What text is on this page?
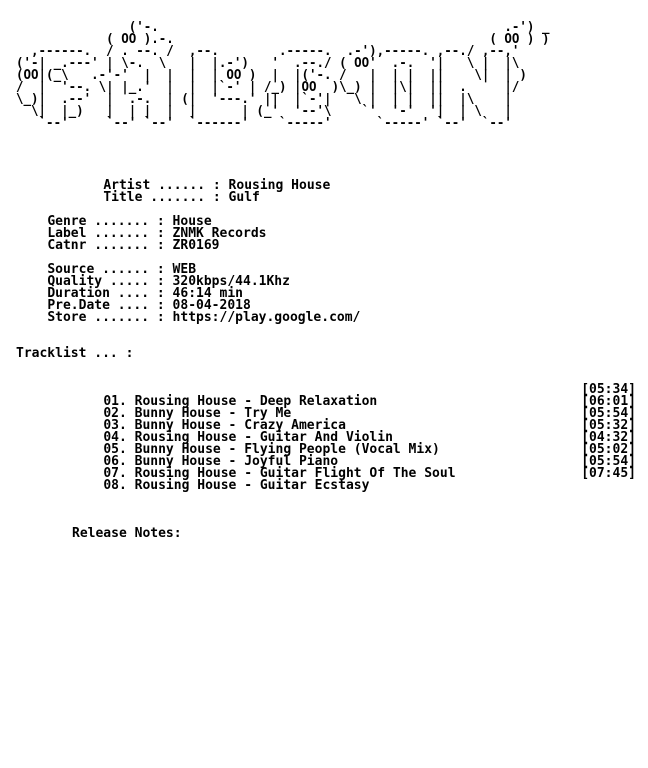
('-.                                              .-') _
( OO ).-.                                          ( OO ) )
,------.  / . --. /  ,--.        .-----.  .-'),-----. ,--./ ,--,'
('-| _.---' | \-.  \   |  |.-')   '  .--./ ( OO'  .-.  '|   \ |  |\
(OO|(_\   .-'-'  |  |  |  | OO )  |  |('-. /   |  | |  ||    \|  | )
/  |  '--. \| |_.'  |  |  |`-' | /_) |OO  )\_) |  |\|  ||  .     |/
\_)|  .--'  |  .-.  | (|  '---.' ||  |`-'|   \ |  | |  ||  |\    |
\|  |_)   |  | |  |  |      | (_'  '--'\    `'  '-'  '|  | \   |
`--'     `--' `--'  `------'    `-----'      `-----' `--'  `--'

Artist ...... : Rousing House

Title ....... : Gulf

Genre ....... : House

Label ....... : ZNMK Records

Catnr ....... : ZR0169

Source ...... : WEB

Quality ..... : 320kbps/44.1Khz

Duration .... : 46:14 min

Pre.Date .... : 08-04-2018

Store ....... : https://play.google.com/

Tracklist ... :

01. Rousing House - Deep Relaxation
[05:34]

02. Bunny House - Try Me
[06:01]

03. Bunny House - Crazy America
[05:54]

04. Rousing House - Guitar And Violin
[05:32]

05. Bunny House - Flying People (Vocal Mix)
[04:32]

06. Bunny House - Joyful Piano
[05:02]

07. Rousing House - Guitar Flight Of The Soul
[05:54]

08. Rousing House - Guitar Ecstasy
[07:45]

Release Notes:
